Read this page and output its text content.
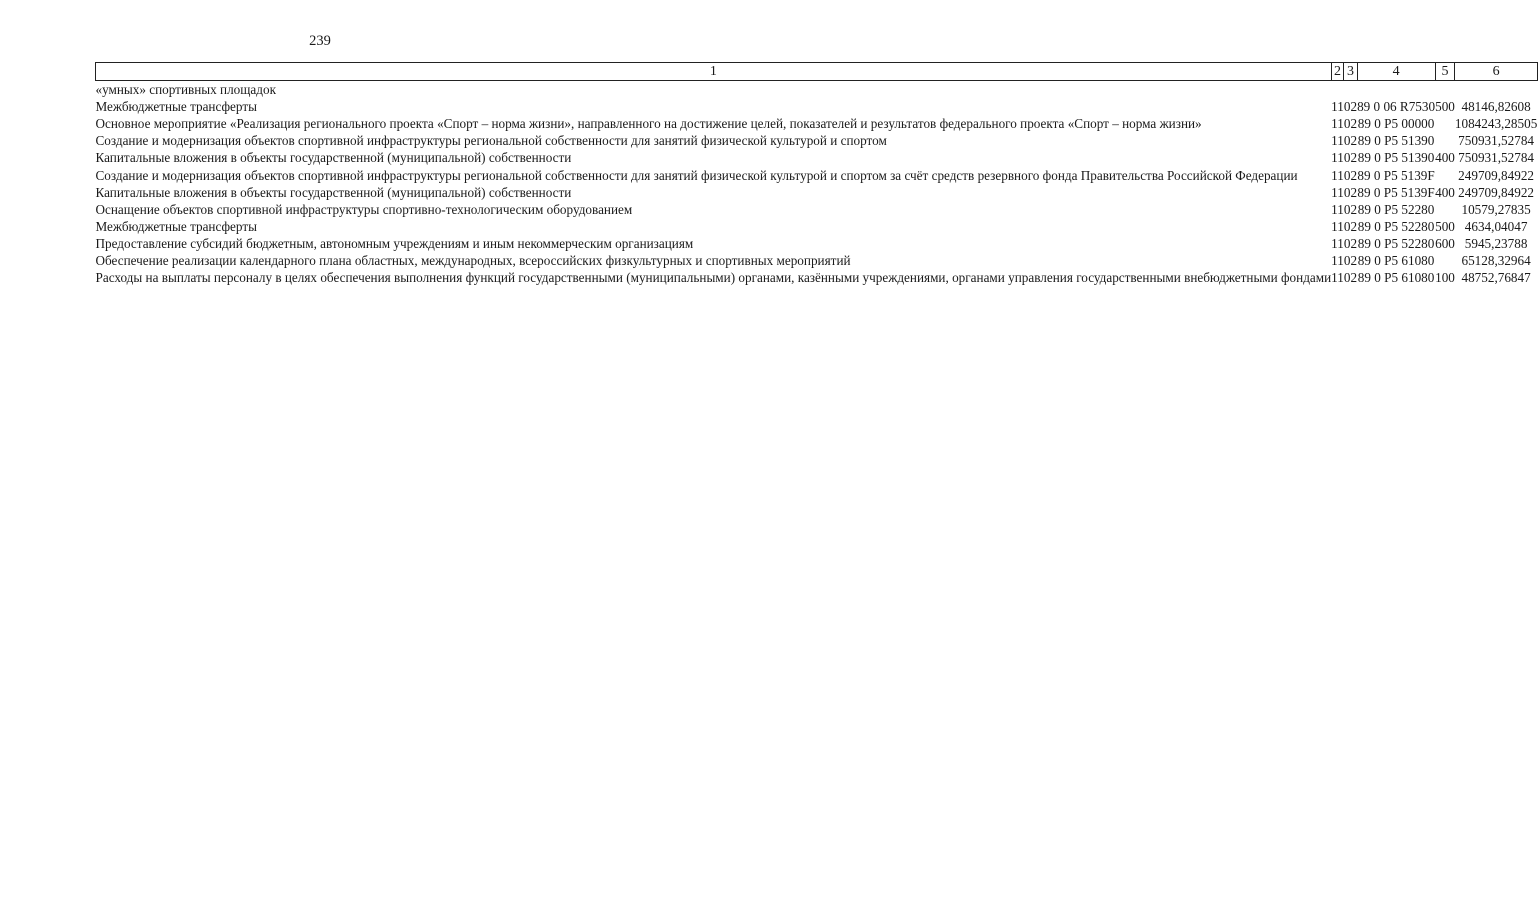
239
1	2	3	4	5	6
«умных» спортивных площадок					
Межбюджетные трансферты	11	02	89 0 06 R7530	500	48146,82608
Основное мероприятие «Реализация регионального проекта «Спорт – норма жизни», направленного на достижение целей, показателей и результатов федерального проекта «Спорт – норма жизни»	11	02	89 0 P5 00000		1084243,28505
Создание и модернизация объектов спортивной инфраструктуры региональной собственности для занятий физической культурой и спортом	11	02	89 0 P5 51390		750931,52784
Капитальные вложения в объекты государственной (муниципальной) собственности	11	02	89 0 P5 51390	400	750931,52784
Создание и модернизация объектов спортивной инфраструктуры региональной собственности для занятий физической культурой и спортом за счёт средств резервного фонда Правительства Российской Федерации	11	02	89 0 P5 5139F		249709,84922
Капитальные вложения в объекты государственной (муниципальной) собственности	11	02	89 0 P5 5139F	400	249709,84922
Оснащение объектов спортивной инфраструктуры спортивно-технологическим оборудованием	11	02	89 0 P5 52280		10579,27835
Межбюджетные трансферты	11	02	89 0 P5 52280	500	4634,04047
Предоставление субсидий бюджетным, автономным учреждениям и иным некоммерческим организациям	11	02	89 0 P5 52280	600	5945,23788
Обеспечение реализации календарного плана областных, международных, всероссийских физкультурных и спортивных мероприятий	11	02	89 0 P5 61080		65128,32964
Расходы на выплаты персоналу в целях обеспечения выполнения функций государственными (муниципальными) органами, казёнными учреждениями, органами управления государственными внебюджетными фондами	11	02	89 0 P5 61080	100	48752,76847
